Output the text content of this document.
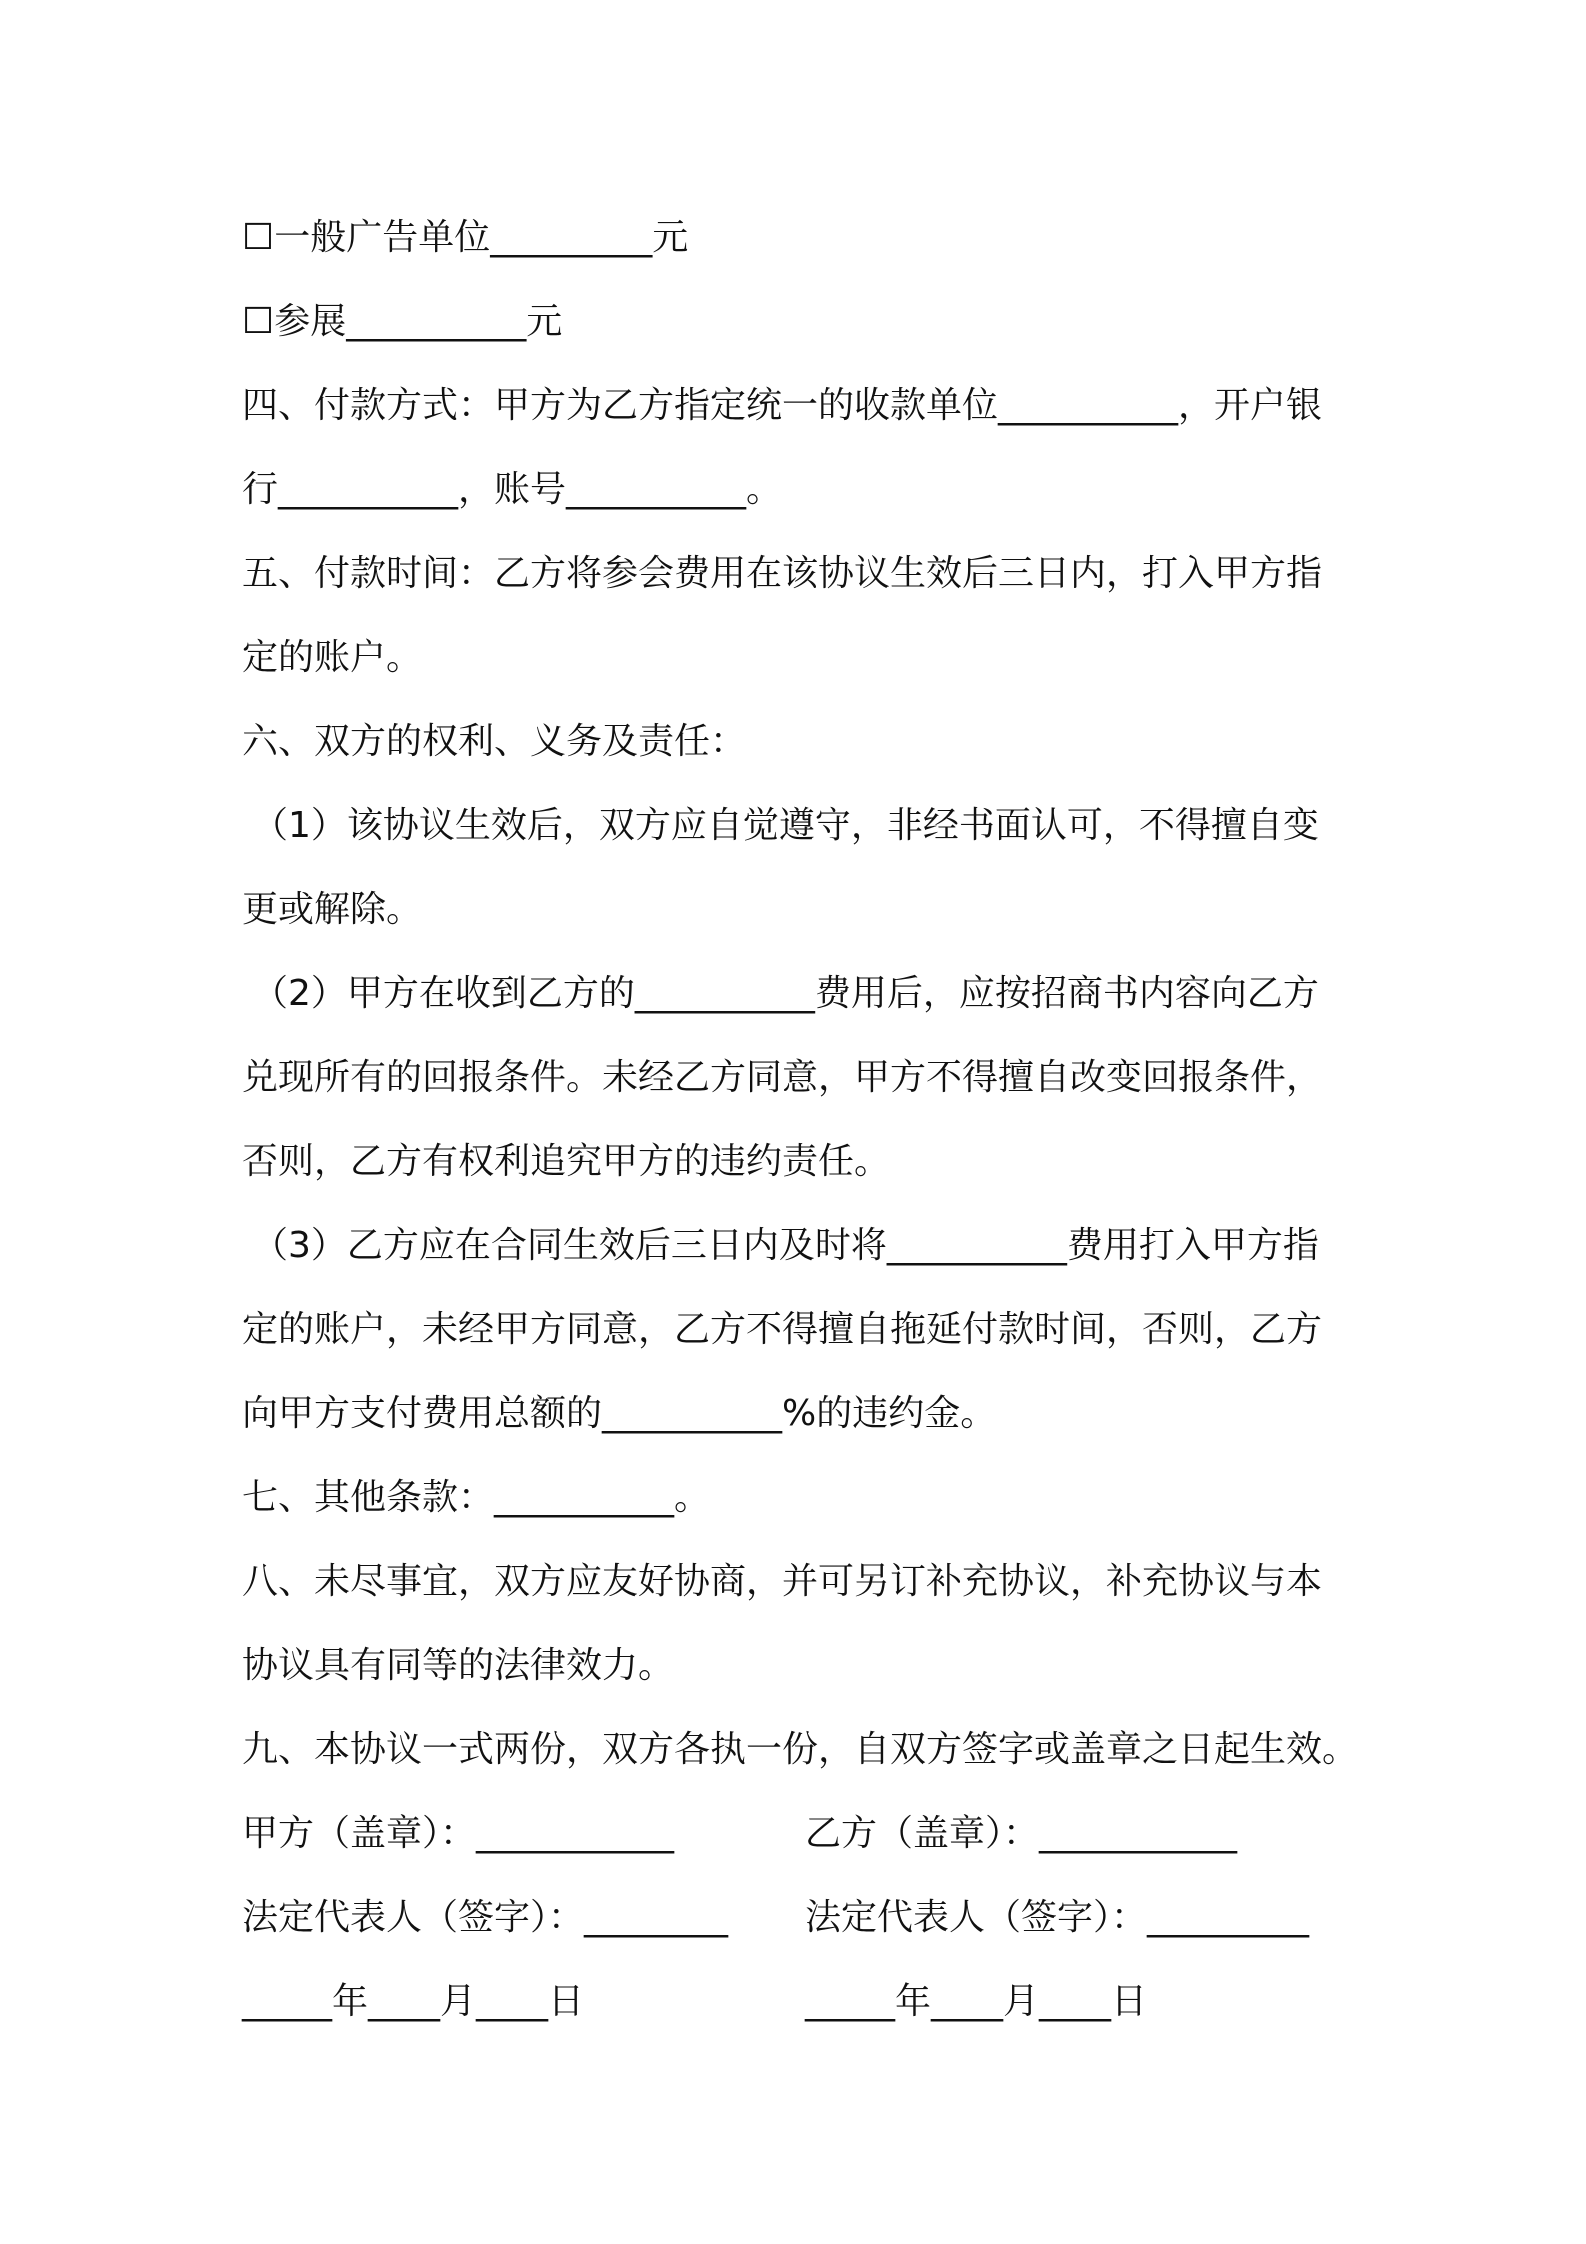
☐一般广告单位_________元
☐参展__________元
四、付款方式：甲方为乙方指定统一的收款单位__________，开户银
行__________，账号__________。
五、付款时间：乙方将参会费用在该协议生效后三日内，打入甲方指
定的账户。
六、双方的权利、义务及责任：
（1）该协议生效后，双方应自觉遵守，非经书面认可，不得擅自变
更或解除。
（2）甲方在收到乙方的__________费用后，应按招商书内容向乙方
兑现所有的回报条件。未经乙方同意，甲方不得擅自改变回报条件，
否则，乙方有权利追究甲方的违约责任。
（3）乙方应在合同生效后三日内及时将__________费用打入甲方指
定的账户，未经甲方同意，乙方不得擅自拖延付款时间，否则，乙方
向甲方支付费用总额的__________%的违约金。
七、其他条款：__________。
八、未尽事宜，双方应友好协商，并可另订补充协议，补充协议与本
协议具有同等的法律效力。
九、本协议一式两份，双方各执一份，自双方签字或盖章之日起生效。
甲方（盖章）：___________	乙方（盖章）：___________
法定代表人（签字）：________ 法定代表人（签字）：_________
_____年____月____日	_____年____月____日
